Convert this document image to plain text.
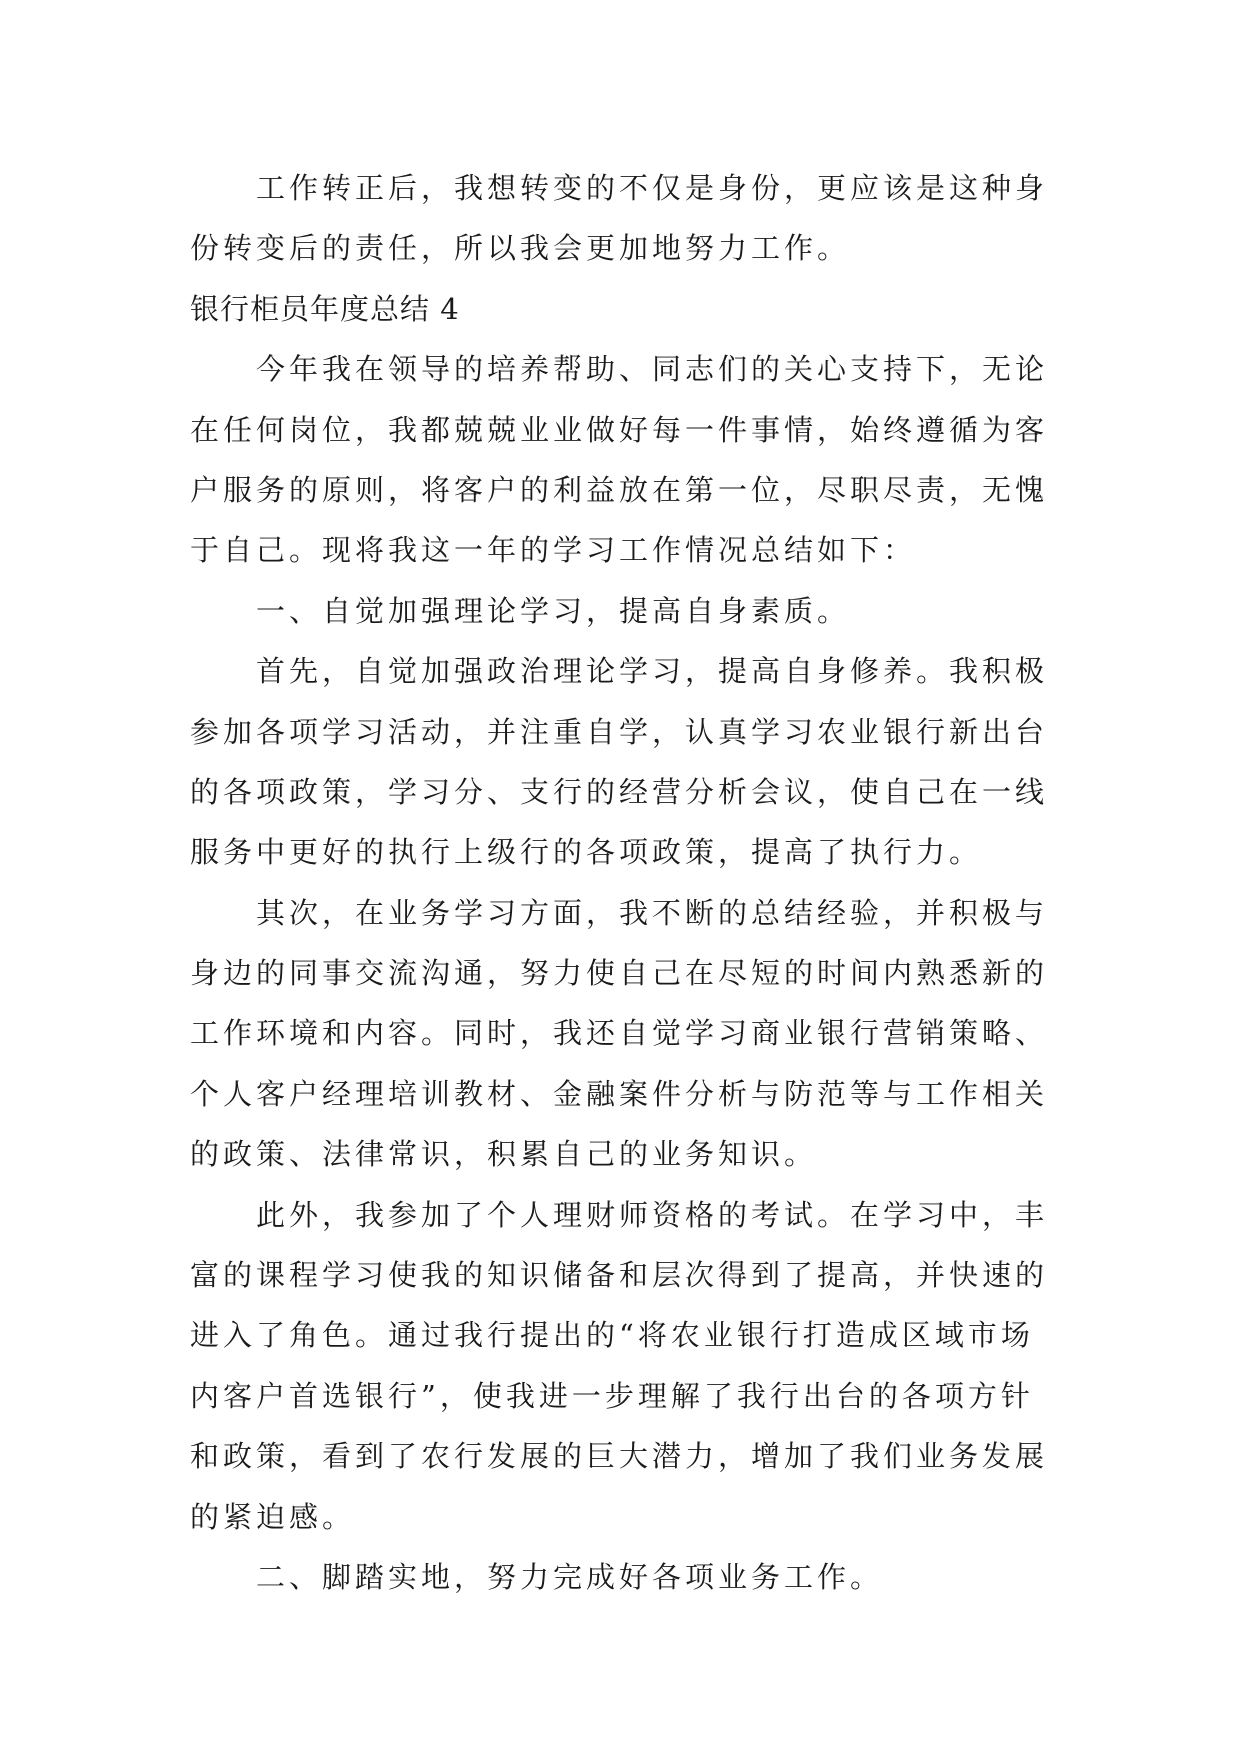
工作转正后，我想转变的不仅是身份，更应该是这种身
份转变后的责任，所以我会更加地努力工作。
银行柜员年度总结 4
今年我在领导的培养帮助、同志们的关心支持下，无论
在任何岗位，我都兢兢业业做好每一件事情，始终遵循为客
户服务的原则，将客户的利益放在第一位，尽职尽责，无愧
于自己。现将我这一年的学习工作情况总结如下：
一、自觉加强理论学习，提高自身素质。
首先，自觉加强政治理论学习，提高自身修养。我积极
参加各项学习活动，并注重自学，认真学习农业银行新出台
的各项政策，学习分、支行的经营分析会议，使自己在一线
服务中更好的执行上级行的各项政策，提高了执行力。
其次，在业务学习方面，我不断的总结经验，并积极与
身边的同事交流沟通，努力使自己在尽短的时间内熟悉新的
工作环境和内容。同时，我还自觉学习商业银行营销策略、
个人客户经理培训教材、金融案件分析与防范等与工作相关
的政策、法律常识，积累自己的业务知识。
此外，我参加了个人理财师资格的考试。在学习中，丰
富的课程学习使我的知识储备和层次得到了提高，并快速的
进入了角色。通过我行提出的“将农业银行打造成区域市场
内客户首选银行”，使我进一步理解了我行出台的各项方针
和政策，看到了农行发展的巨大潜力，增加了我们业务发展
的紧迫感。
二、脚踏实地，努力完成好各项业务工作。
